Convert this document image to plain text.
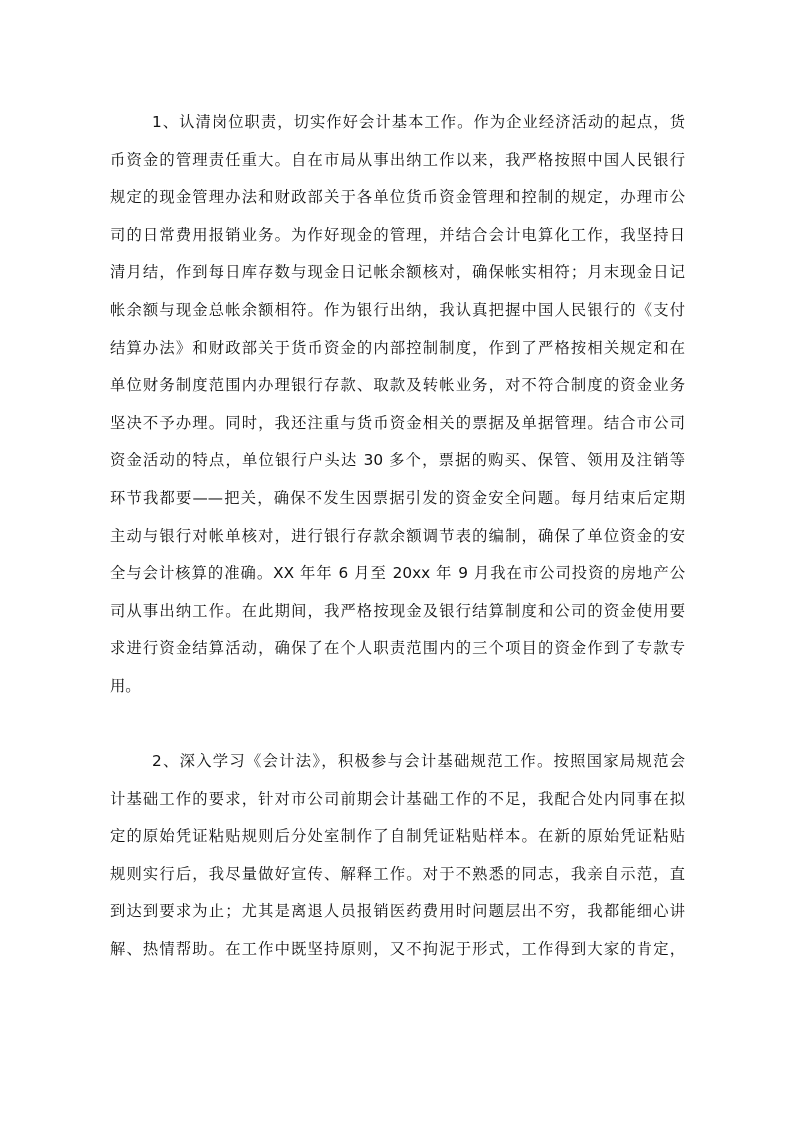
1、认清岗位职责，切实作好会计基本工作。作为企业经济活动的起点，货
币资金的管理责任重大。自在市局从事出纳工作以来，我严格按照中国人民银行
规定的现金管理办法和财政部关于各单位货币资金管理和控制的规定，办理市公
司的日常费用报销业务。为作好现金的管理，并结合会计电算化工作，我坚持日
清月结，作到每日库存数与现金日记帐余额核对，确保帐实相符；月末现金日记
帐余额与现金总帐余额相符。作为银行出纳，我认真把握中国人民银行的《支付
结算办法》和财政部关于货币资金的内部控制制度，作到了严格按相关规定和在
单位财务制度范围内办理银行存款、取款及转帐业务，对不符合制度的资金业务
坚决不予办理。同时，我还注重与货币资金相关的票据及单据管理。结合市公司
资金活动的特点，单位银行户头达 30 多个，票据的购买、保管、领用及注销等
环节我都要——把关，确保不发生因票据引发的资金安全问题。每月结束后定期
主动与银行对帐单核对，进行银行存款余额调节表的编制，确保了单位资金的安
全与会计核算的准确。XX 年年 6 月至 20xx 年 9 月我在市公司投资的房地产公
司从事出纳工作。在此期间，我严格按现金及银行结算制度和公司的资金使用要
求进行资金结算活动，确保了在个人职责范围内的三个项目的资金作到了专款专
用。
2、深入学习《会计法》，积极参与会计基础规范工作。按照国家局规范会
计基础工作的要求，针对市公司前期会计基础工作的不足，我配合处内同事在拟
定的原始凭证粘贴规则后分处室制作了自制凭证粘贴样本。在新的原始凭证粘贴
规则实行后，我尽量做好宣传、解释工作。对于不熟悉的同志，我亲自示范，直
到达到要求为止；尤其是离退人员报销医药费用时问题层出不穷，我都能细心讲
解、热情帮助。在工作中既坚持原则，又不拘泥于形式，工作得到大家的肯定，
